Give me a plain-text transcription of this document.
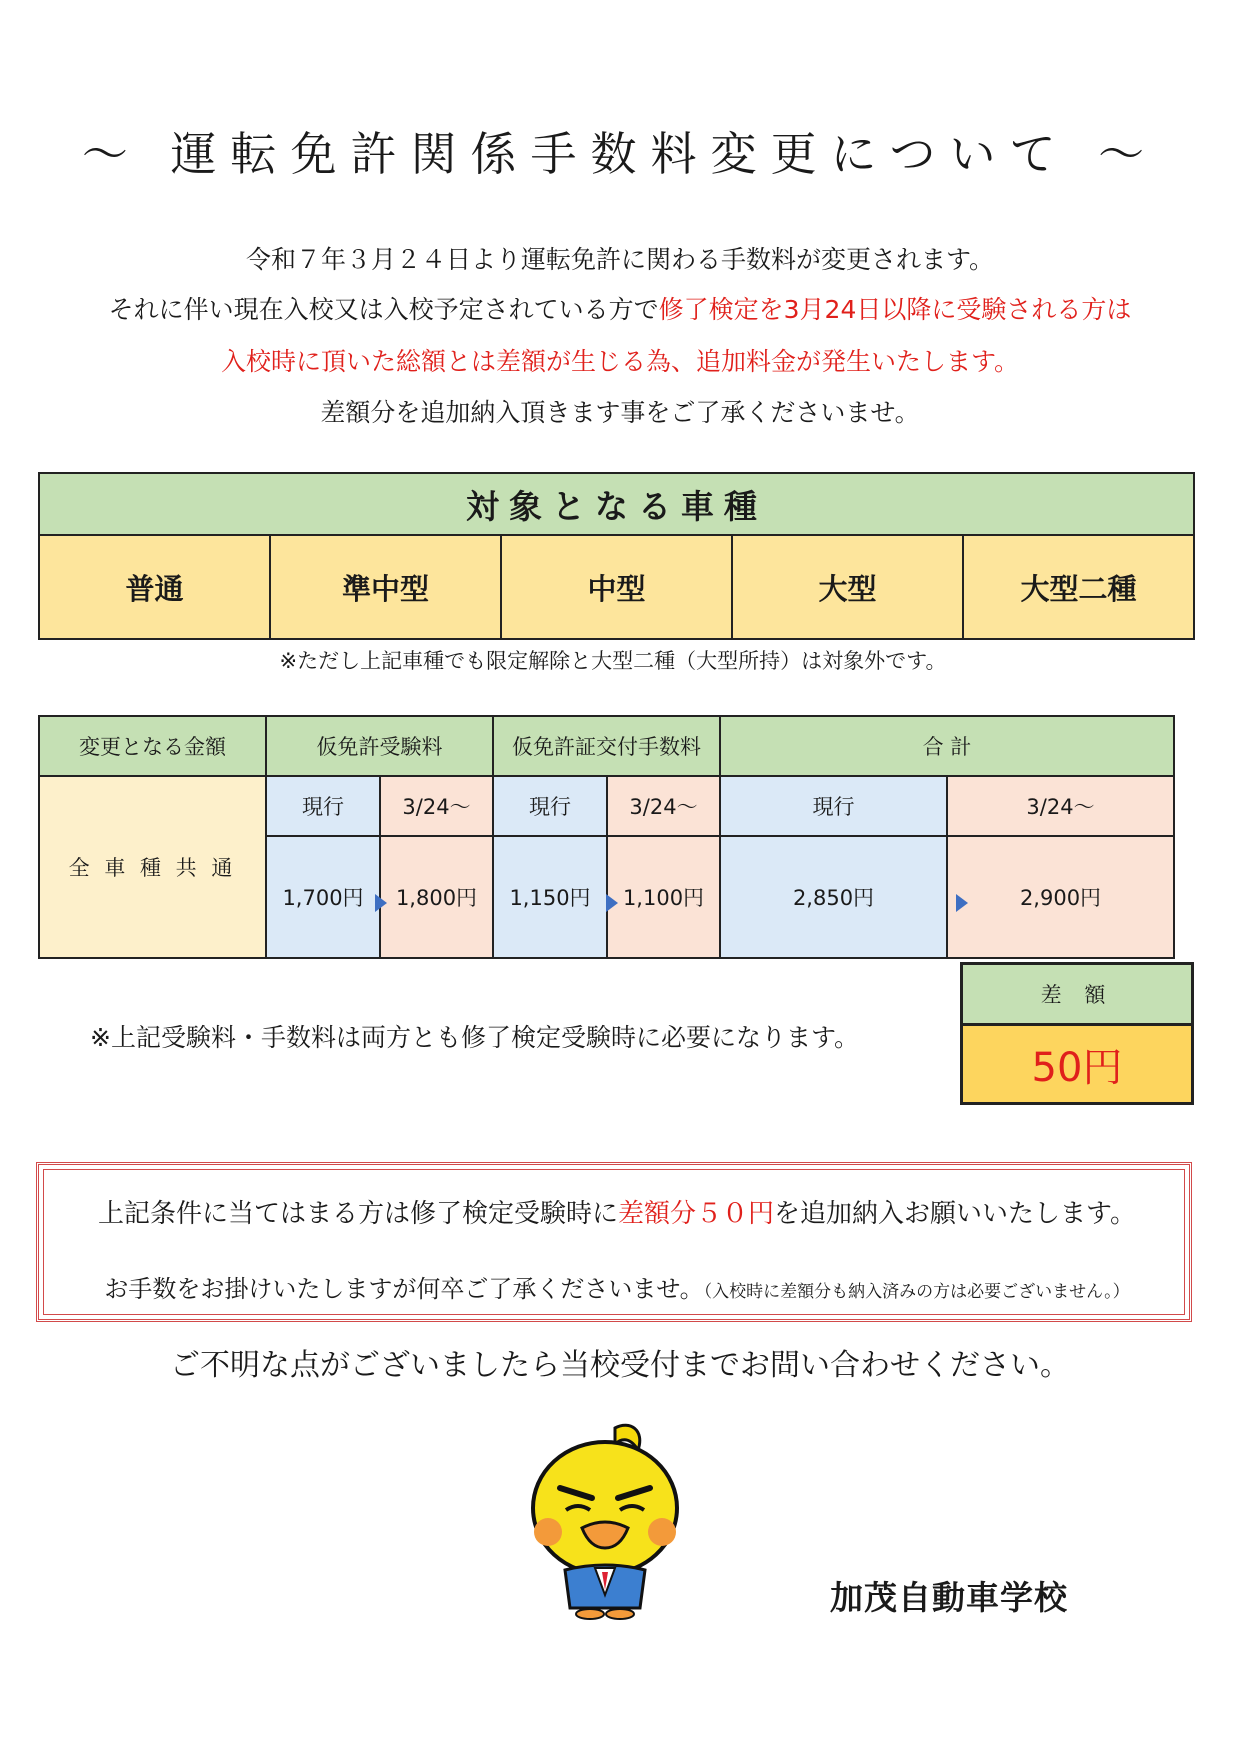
～ 運転免許関係手数料変更について ～
令和７年３月２４日より運転免許に関わる手数料が変更されます。
それに伴い現在入校又は入校予定されている方で修了検定を3月24日以降に受験される方は
入校時に頂いた総額とは差額が生じる為、追加料金が発生いたします。
差額分を追加納入頂きます事をご了承くださいませ。
対象となる車種
普通	準中型	中型	大型	大型二種
※ただし上記車種でも限定解除と大型二種（大型所持）は対象外です。
変更となる金額	仮免許受験料		仮免許証交付手数料		合 計	
全 車 種 共 通	現行	3/24～	現行	3/24～	現行	3/24～
	1,700円	1,800円	1,150円	1,100円	2,850円	2,900円
差 額
50円
※上記受験料・手数料は両方とも修了検定受験時に必要になります。
上記条件に当てはまる方は修了検定受験時に差額分５０円を追加納入お願いいたします。
お手数をお掛けいたしますが何卒ご了承くださいませ。（入校時に差額分も納入済みの方は必要ございません。）
ご不明な点がございましたら当校受付までお問い合わせください。
加茂自動車学校
